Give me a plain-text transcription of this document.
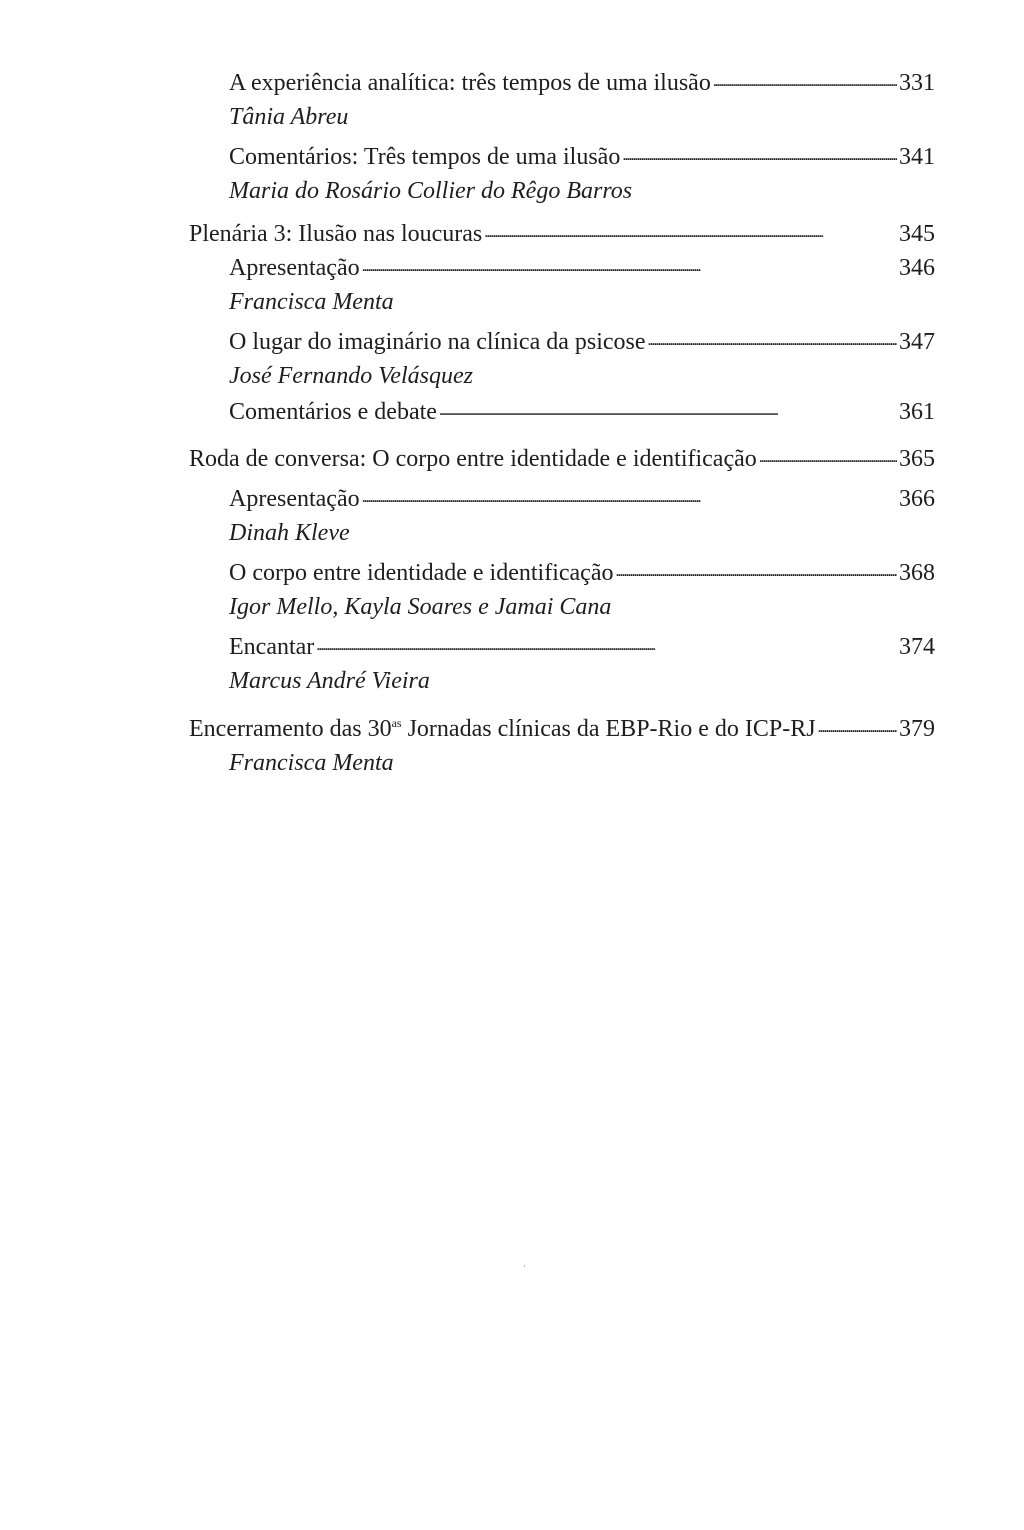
A experiência analítica: três tempos de uma ilusão . . .	331
Tânia Abreu
Comentários: Três tempos de uma ilusão . . .	341
Maria do Rosário Collier do Rêgo Barros
Plenária 3: Ilusão nas loucuras . . .	345
Apresentação . . .	346
Francisca Menta
O lugar do imaginário na clínica da psicose . . .	347
José Fernando Velásquez
Comentários e debate . . .	361
Roda de conversa: O corpo entre identidade e identificação . . .	365
Apresentação . . .	366
Dinah Kleve
O corpo entre identidade e identificação . . .	368
Igor Mello, Kayla Soares e Jamai Cana
Encantar . . .	374
Marcus André Vieira
Encerramento das $30^{as}$ Jornadas clínicas da EBP-Rio e do ICP-RJ . . .	379
Francisca Menta
